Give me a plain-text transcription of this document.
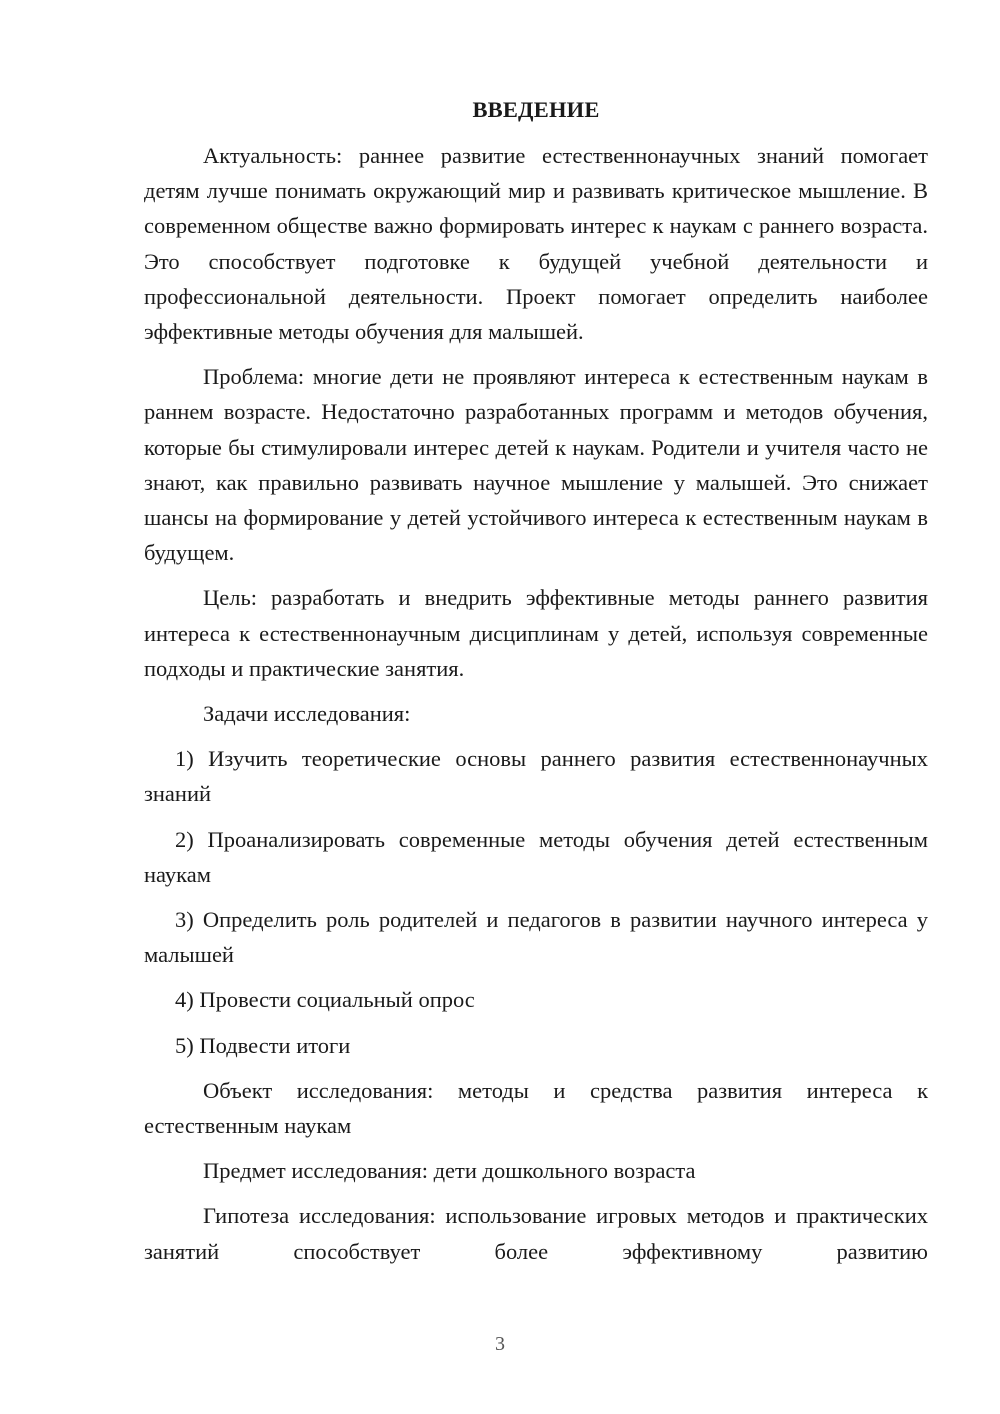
ВВЕДЕНИЕ

Актуальность: раннее развитие естественнонаучных знаний помогает детям лучше понимать окружающий мир и развивать критическое мышление. В современном обществе важно формировать интерес к наукам с раннего возраста. Это способствует подготовке к будущей учебной деятельности и профессиональной деятельности. Проект помогает определить наиболее эффективные методы обучения для малышей.

Проблема: многие дети не проявляют интереса к естественным наукам в раннем возрасте. Недостаточно разработанных программ и методов обучения, которые бы стимулировали интерес детей к наукам. Родители и учителя часто не знают, как правильно развивать научное мышление у малышей. Это снижает шансы на формирование у детей устойчивого интереса к естественным наукам в будущем.

Цель: разработать и внедрить эффективные методы раннего развития интереса к естественнонаучным дисциплинам у детей, используя современные подходы и практические занятия.

Задачи исследования:

1) Изучить теоретические основы раннего развития естественнонаучных знаний

2) Проанализировать современные методы обучения детей естественным наукам

3) Определить роль родителей и педагогов в развитии научного интереса у малышей

4) Провести социальный опрос

5) Подвести итоги

Объект исследования: методы и средства развития интереса к естественным наукам

Предмет исследования: дети дошкольного возраста

Гипотеза исследования: использование игровых методов и практических занятий способствует более эффективному развитию

3
